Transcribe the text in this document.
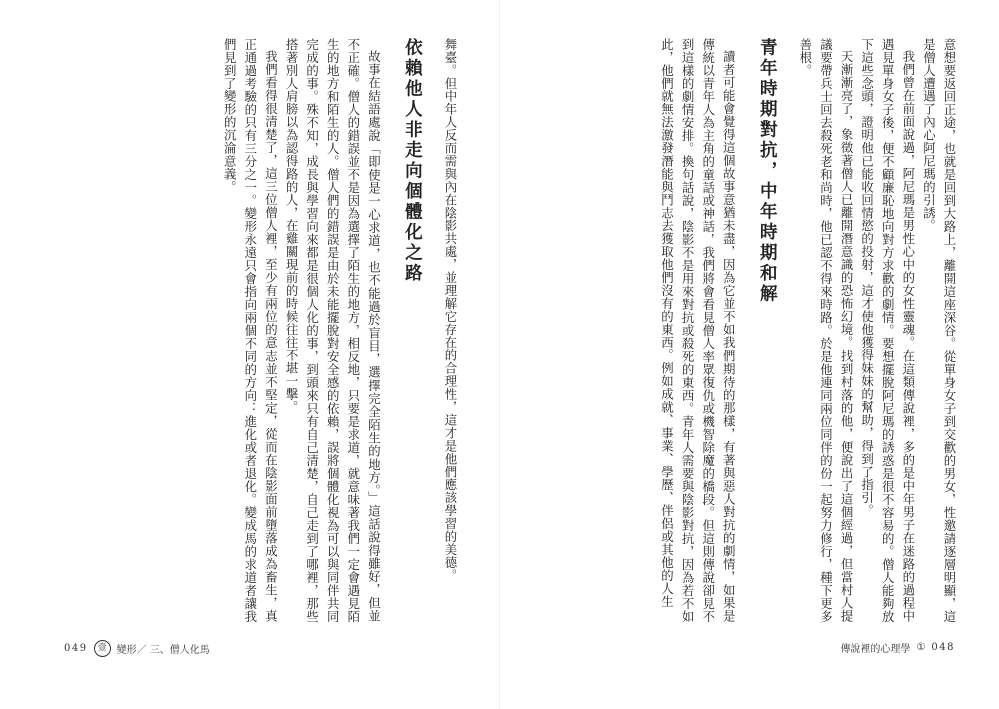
意想要返回正途，也就是回到大路上，離開這座深谷。從單身女子到交歡的男女，性邀請逐層明顯，這是僧人遭遇了內心阿尼瑪的引誘。

我們曾在前面說過，阿尼瑪是男性心中的女性靈魂。在這類傳說裡，多的是中年男子在迷路的過程中遇見單身女子後，便不顧廉恥地向對方求歡的劇情。要想擺脫阿尼瑪的誘惑是很不容易的。僧人能夠放下這些念頭，證明他已能收回情慾的投射，這才使他獲得妹妹的幫助，得到了指引。

天漸漸亮了，象徵著僧人已離開潛意識的恐怖幻境。找到村落的他，便說出了這個經過，但當村人提議要帶兵士回去殺死老和尚時，他已認不得來時路。於是他連同兩位同伴的份一起努力修行，種下更多善根。

青年時期對抗，中年時期和解

讀者可能會覺得這個故事意猶未盡，因為它並不如我們期待的那樣，有著與惡人對抗的劇情，如果是傳統以青年人為主角的童話或神話，我們將會看見僧人率眾復仇或機智除魔的橋段。但這則傳說卻見不到這樣的劇情安排。換句話說，陰影不是用來對抗或殺死的東西。青年人需要與陰影對抗，因為若不如此，他們就無法激發潛能與鬥志去獲取他們沒有的東西。例如成就、事業、學歷、伴侶或其他的人生

傳說裡的心理學 ① 048

舞臺。但中年人反而需與內在陰影共處，並理解它存在的合理性，這才是他們應該學習的美德。

依賴他人非走向個體化之路

故事在結語處說「即使是一心求道，也不能過於盲目，選擇完全陌生的地方。」這話說得雖好，但並不正確。僧人的錯誤並不是因為選擇了陌生的地方，相反地，只要是求道，就意味著我們一定會遇見陌生的地方和陌生的人。僧人們的錯誤是由於未能擺脫對安全感的依賴，誤將個體化視為可以與同伴共同完成的事。殊不知，成長與學習向來都是很個人化的事，到頭來只有自己清楚，自己走到了哪裡，那些搭著別人肩膀以為認得路的人，在雞關現前的時候往往不堪一擊。

我們看得很清楚了，這三位僧人裡，至少有兩位的意志並不堅定，從而在陰影面前墮落成為畜生，真正通過考驗的只有三分之一。變形永遠只會指向兩個不同的方向：進化或者退化。變成馬的求道者讓我們見到了變形的沉淪意義。

049	壹	變形／ 三、僧人化馬
